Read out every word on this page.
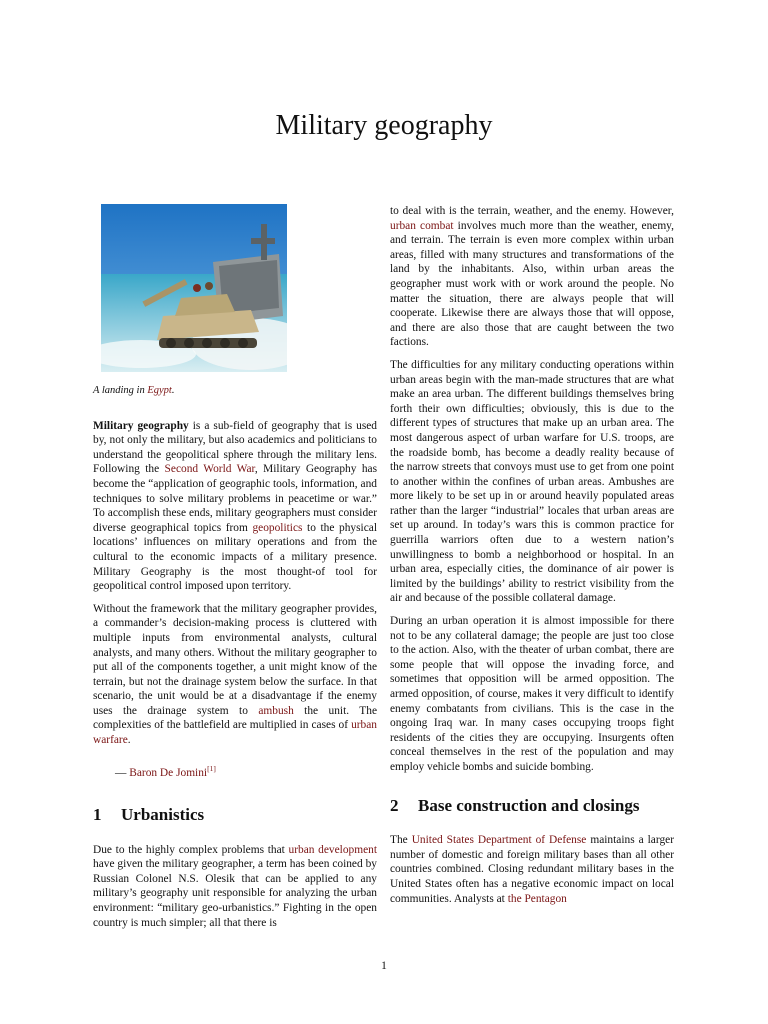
Military geography

A landing in Egypt.

Military geography is a sub-field of geography that is used by, not only the military, but also academics and politicians to understand the geopolitical sphere through the military lens. Following the Second World War, Military Geography has become the “application of geographic tools, information, and techniques to solve military problems in peacetime or war.” To accomplish these ends, military geographers must consider diverse geographical topics from geopolitics to the physical locations’ influences on military operations and from the cultural to the economic impacts of a military presence. Military Geography is the most thought-of tool for geopolitical control imposed upon territory.

Without the framework that the military geographer provides, a commander’s decision-making process is cluttered with multiple inputs from environmental analysts, cultural analysts, and many others. Without the military geographer to put all of the components together, a unit might know of the terrain, but not the drainage system below the surface. In that scenario, the unit would be at a disadvantage if the enemy uses the drainage system to ambush the unit. The complexities of the battlefield are multiplied in cases of urban warfare.

— Baron De Jomini[1]
1 Urbanistics

Due to the highly complex problems that urban development have given the military geographer, a term has been coined by Russian Colonel N.S. Olesik that can be applied to any military’s geography unit responsible for analyzing the urban environment: “military geo-urbanistics.” Fighting in the open country is much simpler; all that there is

to deal with is the terrain, weather, and the enemy. However, urban combat involves much more than the weather, enemy, and terrain. The terrain is even more complex within urban areas, filled with many structures and transformations of the land by the inhabitants. Also, within urban areas the geographer must work with or work around the people. No matter the situation, there are always people that will cooperate. Likewise there are always those that will oppose, and there are also those that are caught between the two factions.

The difficulties for any military conducting operations within urban areas begin with the man-made structures that are what make an area urban. The different buildings themselves bring forth their own difficulties; obviously, this is due to the different types of structures that make up an urban area. The most dangerous aspect of urban warfare for U.S. troops, are the roadside bomb, has become a deadly reality because of the narrow streets that convoys must use to get from one point to another within the confines of urban areas. Ambushes are more likely to be set up in or around heavily populated areas rather than the larger “industrial” locales that urban areas are set up around. In today’s wars this is common practice for guerrilla warriors often due to a western nation’s unwillingness to bomb a neighborhood or hospital. In an urban area, especially cities, the dominance of air power is limited by the buildings’ ability to restrict visibility from the air and because of the possible collateral damage.

During an urban operation it is almost impossible for there not to be any collateral damage; the people are just too close to the action. Also, with the theater of urban combat, there are some people that will oppose the invading force, and sometimes that opposition will be armed opposition. The armed opposition, of course, makes it very difficult to identify enemy combatants from civilians. This is the case in the ongoing Iraq war. In many cases occupying troops fight residents of the cities they are occupying. Insurgents often conceal themselves in the rest of the population and may employ vehicle bombs and suicide bombing.

2 Base construction and closings

The United States Department of Defense maintains a larger number of domestic and foreign military bases than all other countries combined. Closing redundant military bases in the United States often has a negative economic impact on local communities. Analysts at the Pentagon

1
